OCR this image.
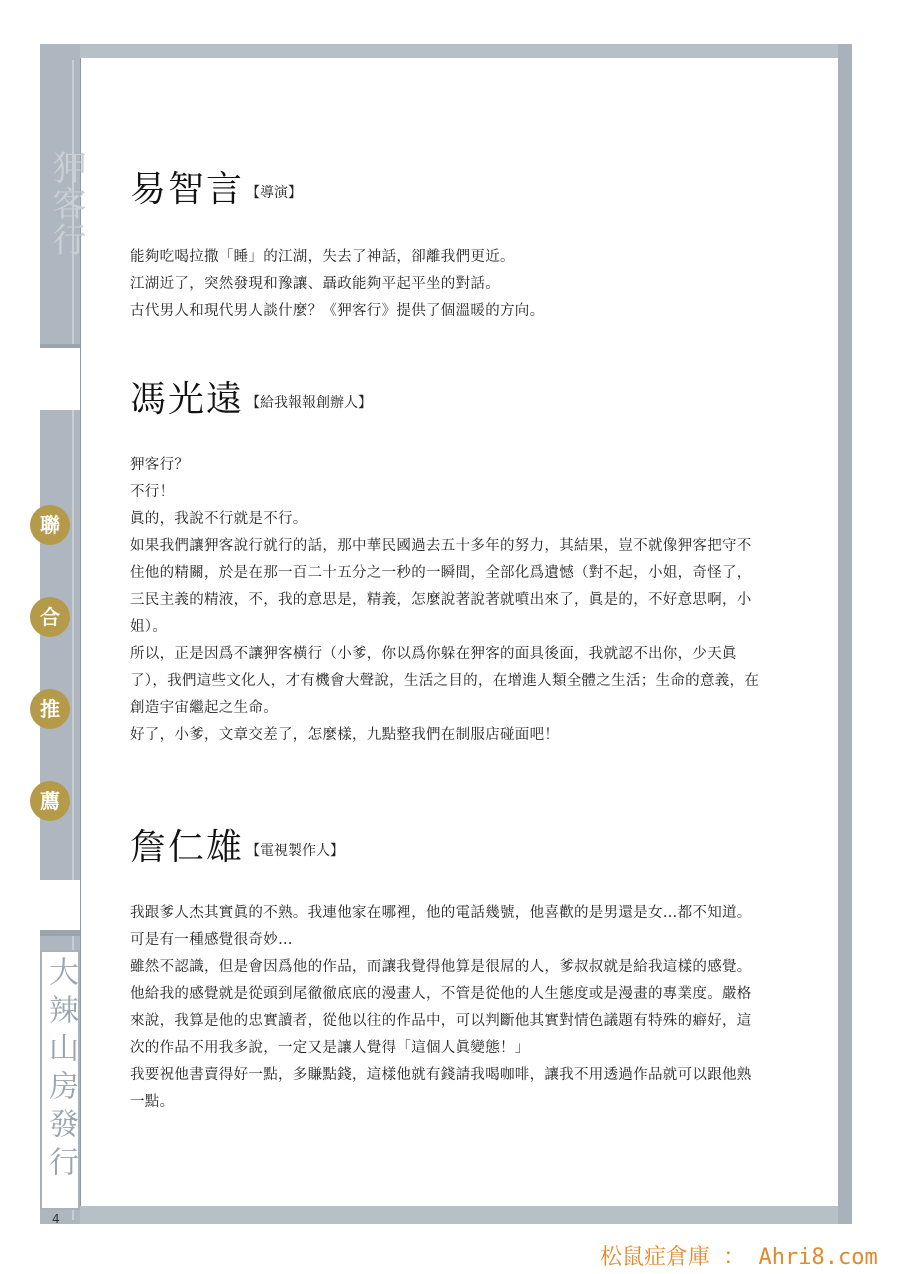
狎客行
大辣山房發行
聯
合
推
薦
易智言 【導演】

能夠吃喝拉撒「睡」的江湖，失去了神話，卻離我們更近。

江湖近了，突然發現和豫讓、聶政能夠平起平坐的對話。

古代男人和現代男人談什麼？《狎客行》提供了個溫暖的方向。

馮光遠 【給我報報創辦人】

狎客行？

不行！

眞的，我說不行就是不行。

如果我們讓狎客說行就行的話，那中華民國過去五十多年的努力，其結果，豈不就像狎客把守不

住他的精關，於是在那一百二十五分之一秒的一瞬間，全部化爲遺憾（對不起，小姐，奇怪了，

三民主義的精液，不，我的意思是，精義，怎麼說著說著就噴出來了，眞是的，不好意思啊，小

姐）。

所以，正是因爲不讓狎客橫行（小爹，你以爲你躲在狎客的面具後面，我就認不出你，少天眞

了），我們這些文化人，才有機會大聲說，生活之目的，在增進人類全體之生活；生命的意義，在

創造宇宙繼起之生命。

好了，小爹，文章交差了，怎麼樣，九點整我們在制服店碰面吧！

詹仁雄 【電視製作人】

我跟爹人杰其實眞的不熟。我連他家在哪裡，他的電話幾號，他喜歡的是男還是女…都不知道。

可是有一種感覺很奇妙…

雖然不認識，但是會因爲他的作品，而讓我覺得他算是很屌的人，爹叔叔就是給我這樣的感覺。

他給我的感覺就是從頭到尾徹徹底底的漫畫人，不管是從他的人生態度或是漫畫的專業度。嚴格

來說，我算是他的忠實讀者，從他以往的作品中，可以判斷他其實對情色議題有特殊的癖好，這

次的作品不用我多說，一定又是讓人覺得「這個人眞變態！」

我要祝他書賣得好一點，多賺點錢，這樣他就有錢請我喝咖啡，讓我不用透過作品就可以跟他熟

一點。

4
松鼠症倉庫 ： Ahri8.com
